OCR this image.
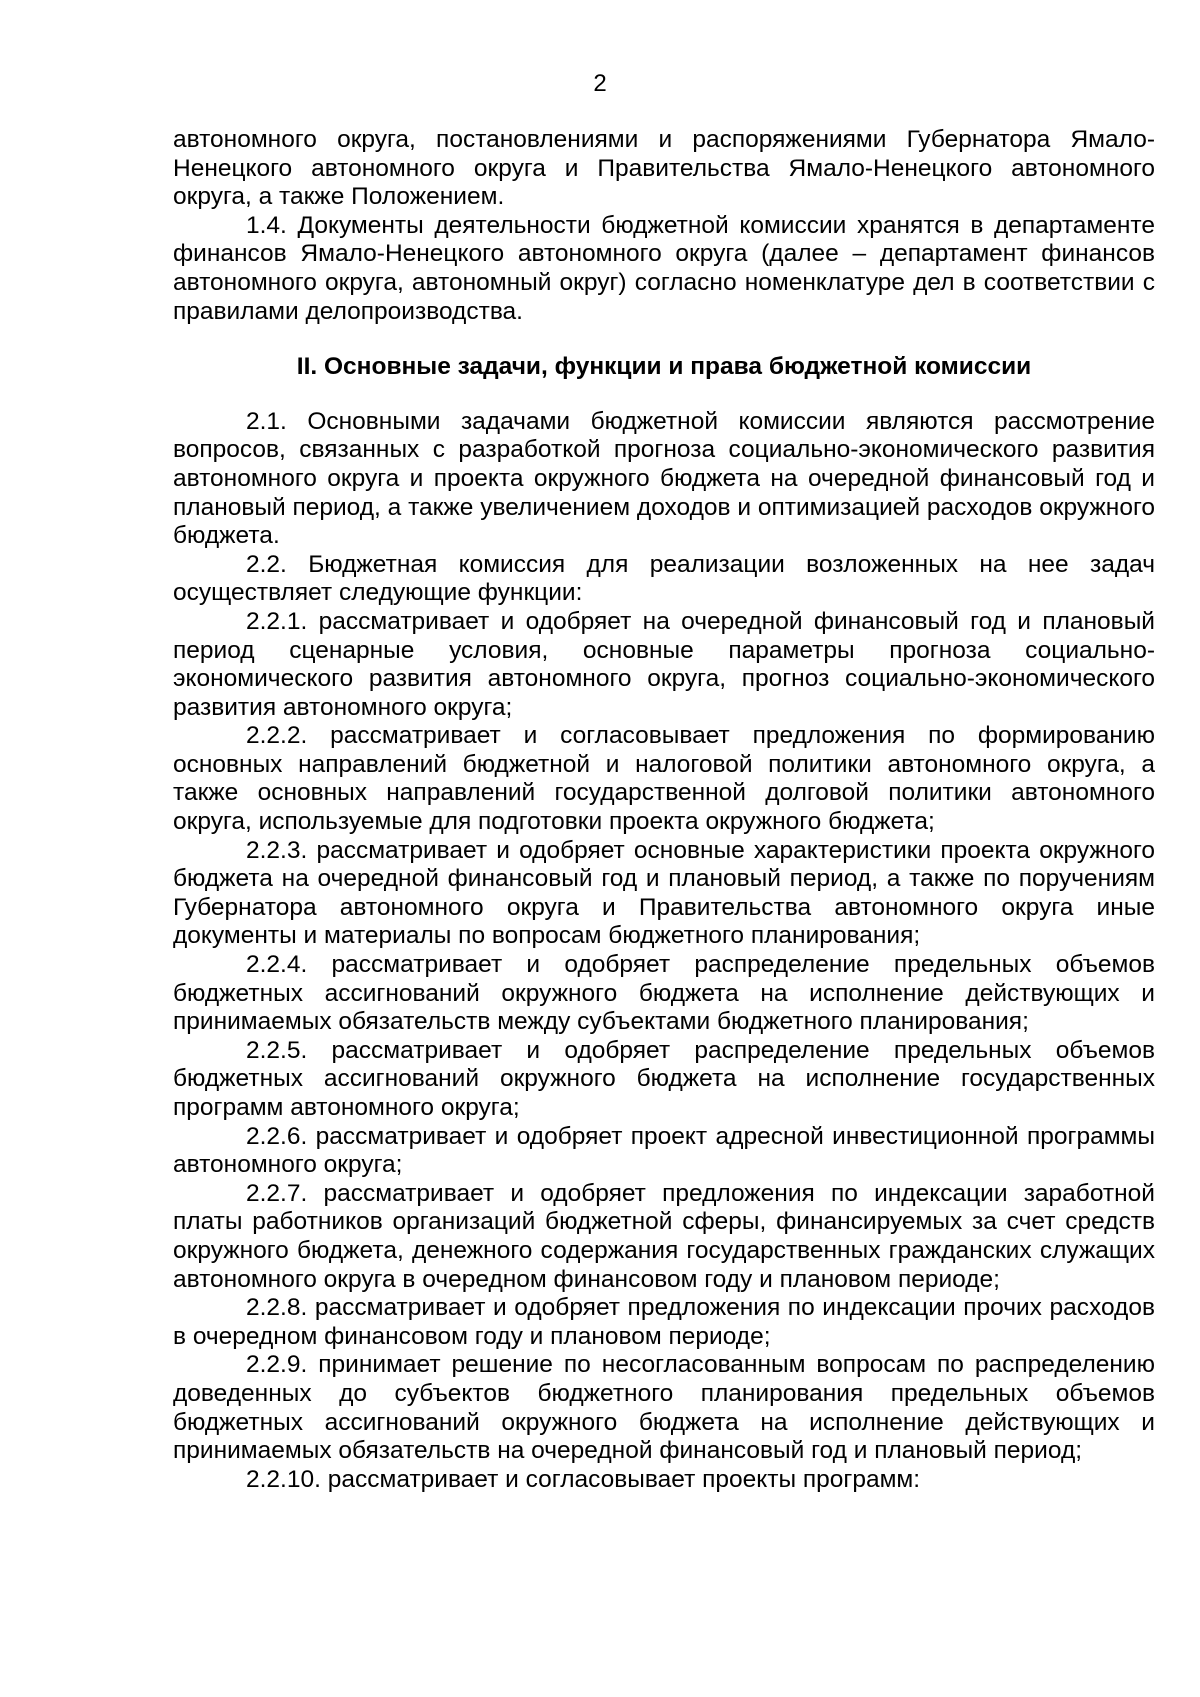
2

автономного округа, постановлениями и распоряжениями Губернатора Ямало-Ненецкого автономного округа и Правительства Ямало-Ненецкого автономного округа, а также Положением.

1.4. Документы деятельности бюджетной комиссии хранятся в департаменте финансов Ямало-Ненецкого автономного округа (далее – департамент финансов автономного округа, автономный округ) согласно номенклатуре дел в соответствии с правилами делопроизводства.

II. Основные задачи, функции и права бюджетной комиссии

2.1. Основными задачами бюджетной комиссии являются рассмотрение вопросов, связанных с разработкой прогноза социально-экономического развития автономного округа и проекта окружного бюджета на очередной финансовый год и плановый период, а также увеличением доходов и оптимизацией расходов окружного бюджета.

2.2. Бюджетная комиссия для реализации возложенных на нее задач осуществляет следующие функции:

2.2.1. рассматривает и одобряет на очередной финансовый год и плановый период сценарные условия, основные параметры прогноза социально-экономического развития автономного округа, прогноз социально-экономического развития автономного округа;

2.2.2. рассматривает и согласовывает предложения по формированию основных направлений бюджетной и налоговой политики автономного округа, а также основных направлений государственной долговой политики автономного округа, используемые для подготовки проекта окружного бюджета;

2.2.3. рассматривает и одобряет основные характеристики проекта окружного бюджета на очередной финансовый год и плановый период, а также по поручениям Губернатора автономного округа и Правительства автономного округа иные документы и материалы по вопросам бюджетного планирования;

2.2.4. рассматривает и одобряет распределение предельных объемов бюджетных ассигнований окружного бюджета на исполнение действующих и принимаемых обязательств между субъектами бюджетного планирования;

2.2.5. рассматривает и одобряет распределение предельных объемов бюджетных ассигнований окружного бюджета на исполнение государственных программ автономного округа;

2.2.6. рассматривает и одобряет проект адресной инвестиционной программы автономного округа;

2.2.7. рассматривает и одобряет предложения по индексации заработной платы работников организаций бюджетной сферы, финансируемых за счет средств окружного бюджета, денежного содержания государственных гражданских служащих автономного округа в очередном финансовом году и плановом периоде;

2.2.8. рассматривает и одобряет предложения по индексации прочих расходов в очередном финансовом году и плановом периоде;

2.2.9. принимает решение по несогласованным вопросам по распределению доведенных до субъектов бюджетного планирования предельных объемов бюджетных ассигнований окружного бюджета на исполнение действующих и принимаемых обязательств на очередной финансовый год и плановый период;

2.2.10. рассматривает и согласовывает проекты программ:
